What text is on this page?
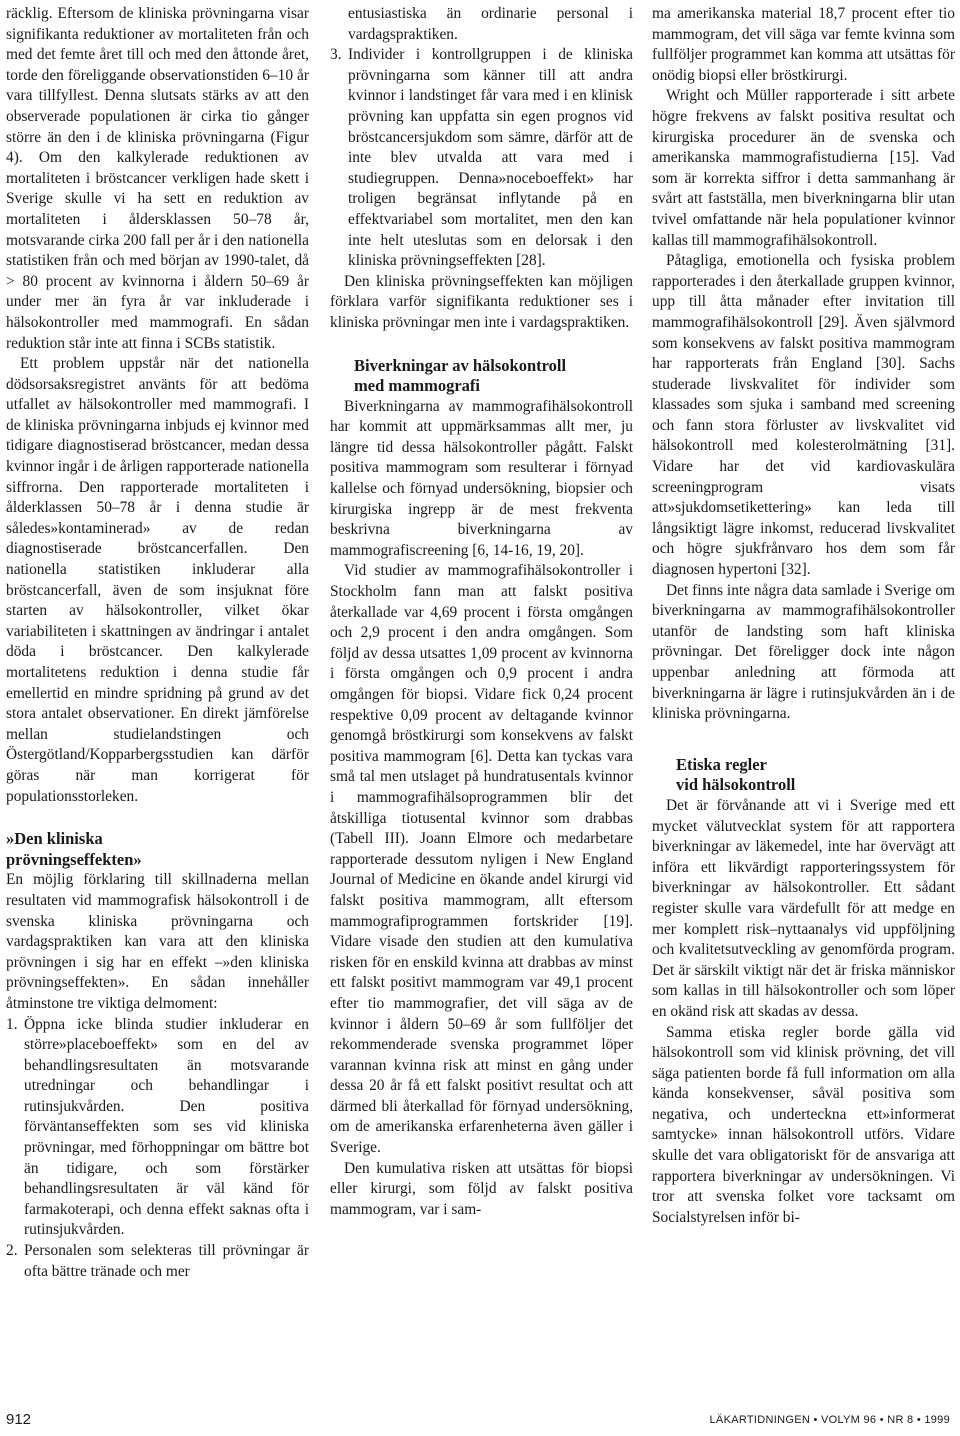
räcklig. Eftersom de kliniska prövningarna visar signifikanta reduktioner av mortaliteten från och med det femte året till och med den åttonde året, torde den föreliggande observationstiden 6–10 år vara tillfyllest. Denna slutsats stärks av att den observerade populationen är cirka tio gånger större än den i de kliniska prövningarna (Figur 4). Om den kalkylerade reduktionen av mortaliteten i bröstcancer verkligen hade skett i Sverige skulle vi ha sett en reduktion av mortaliteten i åldersklassen 50–78 år, motsvarande cirka 200 fall per år i den nationella statistiken från och med början av 1990-talet, då > 80 procent av kvinnorna i åldern 50–69 år under mer än fyra år var inkluderade i hälsokontroller med mammografi. En sådan reduktion står inte att finna i SCBs statistik.

Ett problem uppstår när det nationella dödsorsaksregistret använts för att bedöma utfallet av hälsokontroller med mammografi. I de kliniska prövningarna inbjuds ej kvinnor med tidigare diagnostiserad bröstcancer, medan dessa kvinnor ingår i de årligen rapporterade nationella siffrorna. Den rapporterade mortaliteten i ålderklassen 50–78 år i denna studie är således»kontaminerad» av de redan diagnostiserade bröstcancerfallen. Den nationella statistiken inkluderar alla bröstcancerfall, även de som insjuknat före starten av hälsokontroller, vilket ökar variabiliteten i skattningen av ändringar i antalet döda i bröstcancer. Den kalkylerade mortalitetens reduktion i denna studie får emellertid en mindre spridning på grund av det stora antalet observationer. En direkt jämförelse mellan studielandstingen och Östergötland/Kopparbergsstudien kan därför göras när man korrigerat för populationsstorleken.

»Den kliniska
prövningseffekten»

En möjlig förklaring till skillnaderna mellan resultaten vid mammografisk hälsokontroll i de svenska kliniska prövningarna och vardagspraktiken kan vara att den kliniska prövningen i sig har en effekt –»den kliniska prövningseffekten». En sådan innehåller åtminstone tre viktiga delmoment:

1. Öppna icke blinda studier inkluderar en större»placeboeffekt» som en del av behandlingsresultaten än motsvarande utredningar och behandlingar i rutinsjukvården. Den positiva förväntanseffekten som ses vid kliniska prövningar, med förhoppningar om bättre bot än tidigare, och som förstärker behandlingsresultaten är väl känd för farmakoterapi, och denna effekt saknas ofta i rutinsjukvården.
2. Personalen som selekteras till prövningar är ofta bättre tränade och mer
entusiastiska än ordinarie personal i vardagspraktiken.
3. Individer i kontrollgruppen i de kliniska prövningarna som känner till att andra kvinnor i landstinget får vara med i en klinisk prövning kan uppfatta sin egen prognos vid bröstcancersjukdom som sämre, därför att de inte blev utvalda att vara med i studiegruppen. Denna»noceboeffekt» har troligen begränsat inflytande på en effektvariabel som mortalitet, men den kan inte helt uteslutas som en delorsak i den kliniska prövningseffekten [28].

Den kliniska prövningseffekten kan möjligen förklara varför signifikanta reduktioner ses i kliniska prövningar men inte i vardagspraktiken.

Biverkningar av hälsokontroll
med mammografi

Biverkningarna av mammografihälsokontroll har kommit att uppmärksammas allt mer, ju längre tid dessa hälsokontroller pågått. Falskt positiva mammogram som resulterar i förnyad kallelse och förnyad undersökning, biopsier och kirurgiska ingrepp är de mest frekventa beskrivna biverkningarna av mammografiscreening [6, 14-16, 19, 20].

Vid studier av mammografihälsokontroller i Stockholm fann man att falskt positiva återkallade var 4,69 procent i första omgången och 2,9 procent i den andra omgången. Som följd av dessa utsattes 1,09 procent av kvinnorna i första omgången och 0,9 procent i andra omgången för biopsi. Vidare fick 0,24 procent respektive 0,09 procent av deltagande kvinnor genomgå bröstkirurgi som konsekvens av falskt positiva mammogram [6]. Detta kan tyckas vara små tal men utslaget på hundratusentals kvinnor i mammografihälsoprogrammen blir det åtskilliga tiotusental kvinnor som drabbas (Tabell III). Joann Elmore och medarbetare rapporterade dessutom nyligen i New England Journal of Medicine en ökande andel kirurgi vid falskt positiva mammogram, allt eftersom mammografiprogrammen fortskrider [19]. Vidare visade den studien att den kumulativa risken för en enskild kvinna att drabbas av minst ett falskt positivt mammogram var 49,1 procent efter tio mammografier, det vill säga av de kvinnor i åldern 50–69 år som fullföljer det rekommenderade svenska programmet löper varannan kvinna risk att minst en gång under dessa 20 år få ett falskt positivt resultat och att därmed bli återkallad för förnyad undersökning, om de amerikanska erfarenheterna även gäller i Sverige.

Den kumulativa risken att utsättas för biopsi eller kirurgi, som följd av falskt positiva mammogram, var i sam-

ma amerikanska material 18,7 procent efter tio mammogram, det vill säga var femte kvinna som fullföljer programmet kan komma att utsättas för onödig biopsi eller bröstkirurgi.

Wright och Müller rapporterade i sitt arbete högre frekvens av falskt positiva resultat och kirurgiska procedurer än de svenska och amerikanska mammografistudierna [15]. Vad som är korrekta siffror i detta sammanhang är svårt att fastställa, men biverkningarna blir utan tvivel omfattande när hela populationer kvinnor kallas till mammografihälsokontroll.

Påtagliga, emotionella och fysiska problem rapporterades i den återkallade gruppen kvinnor, upp till åtta månader efter invitation till mammografihälsokontroll [29]. Även självmord som konsekvens av falskt positiva mammogram har rapporterats från England [30]. Sachs studerade livskvalitet för individer som klassades som sjuka i samband med screening och fann stora förluster av livskvalitet vid hälsokontroll med kolesterolmätning [31]. Vidare har det vid kardiovaskulära screeningprogram visats att»sjukdomsetikettering» kan leda till långsiktigt lägre inkomst, reducerad livskvalitet och högre sjukfrånvaro hos dem som får diagnosen hypertoni [32].

Det finns inte några data samlade i Sverige om biverkningarna av mammografihälsokontroller utanför de landsting som haft kliniska prövningar. Det föreligger dock inte någon uppenbar anledning att förmoda att biverkningarna är lägre i rutinsjukvården än i de kliniska prövningarna.

Etiska regler
vid hälsokontroll

Det är förvånande att vi i Sverige med ett mycket välutvecklat system för att rapportera biverkningar av läkemedel, inte har övervägt att införa ett likvärdigt rapporteringssystem för biverkningar av hälsokontroller. Ett sådant register skulle vara värdefullt för att medge en mer komplett risk–nyttaanalys vid uppföljning och kvalitetsutveckling av genomförda program. Det är särskilt viktigt när det är friska människor som kallas in till hälsokontroller och som löper en okänd risk att skadas av dessa.

Samma etiska regler borde gälla vid hälsokontroll som vid klinisk prövning, det vill säga patienten borde få full information om alla kända konsekvenser, såväl positiva som negativa, och underteckna ett»informerat samtycke» innan hälsokontroll utförs. Vidare skulle det vara obligatoriskt för de ansvariga att rapportera biverkningar av undersökningen. Vi tror att svenska folket vore tacksamt om Socialstyrelsen inför bi-

912	LÄKARTIDNINGEN • VOLYM 96 • NR 8 • 1999
